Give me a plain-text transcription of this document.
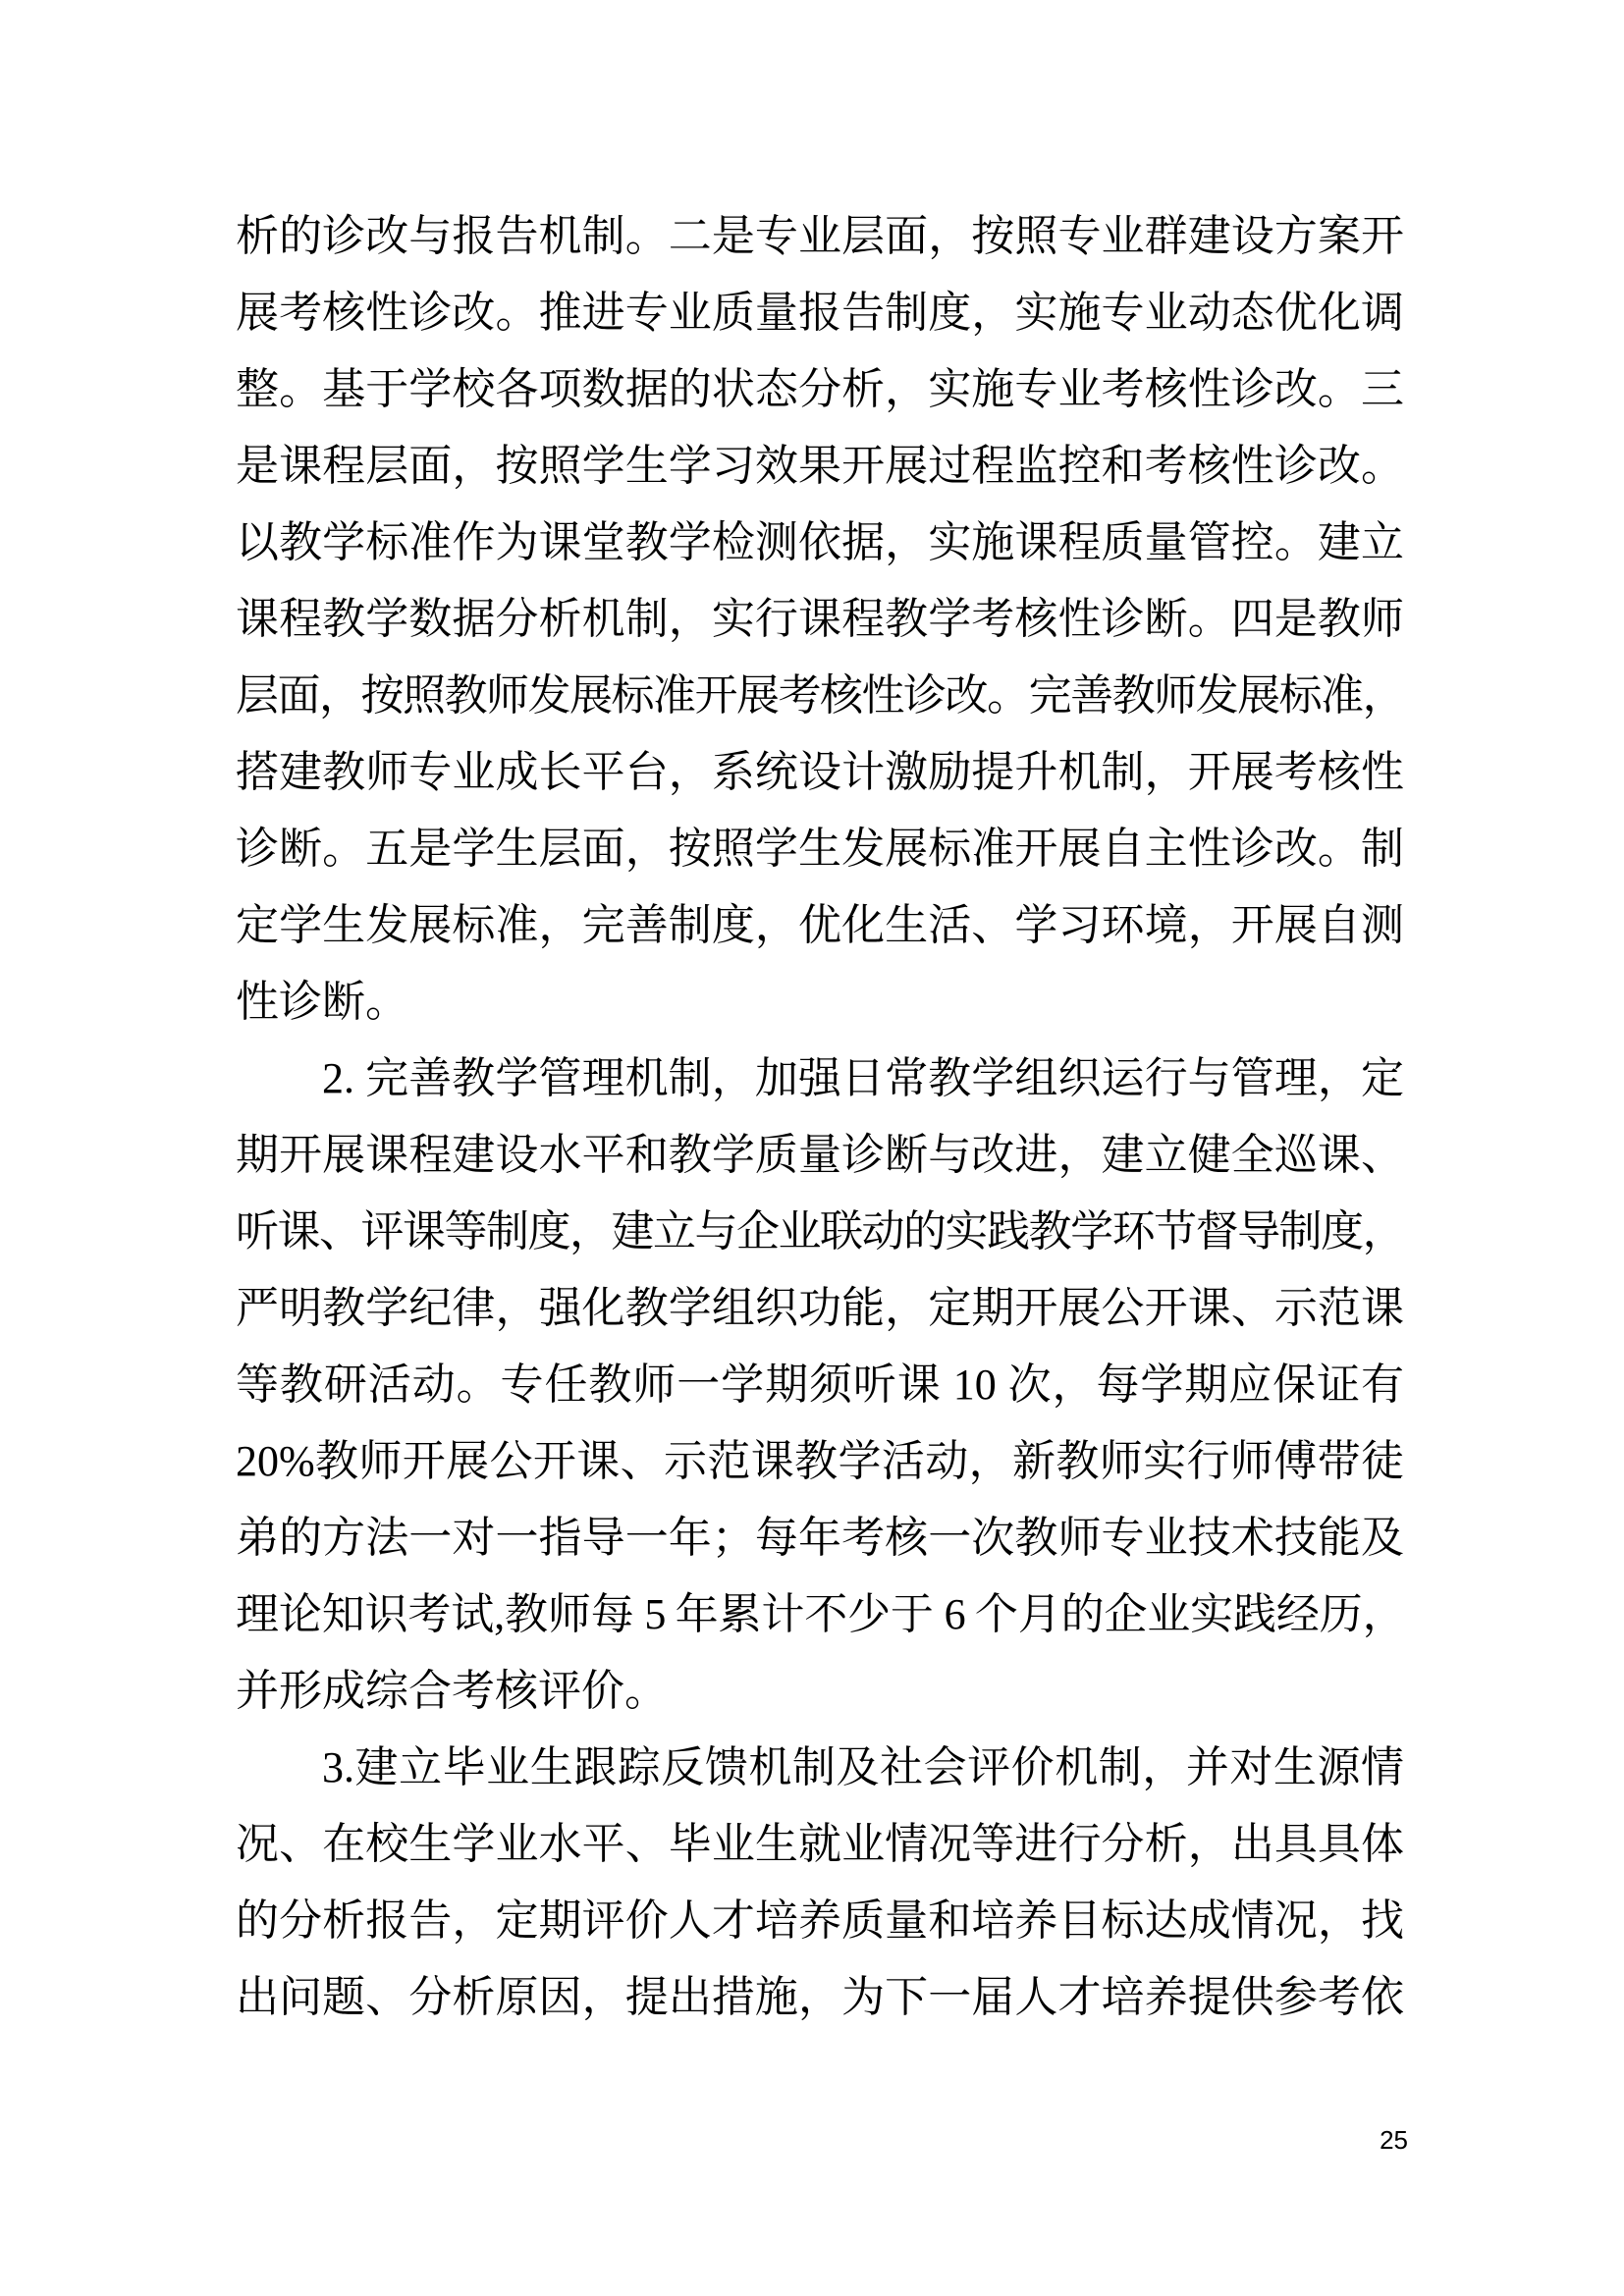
析的诊改与报告机制。二是专业层面，按照专业群建设方案开
展考核性诊改。推进专业质量报告制度，实施专业动态优化调
整。基于学校各项数据的状态分析，实施专业考核性诊改。三
是课程层面，按照学生学习效果开展过程监控和考核性诊改。
以教学标准作为课堂教学检测依据，实施课程质量管控。建立
课程教学数据分析机制，实行课程教学考核性诊断。四是教师
层面，按照教师发展标准开展考核性诊改。完善教师发展标准，
搭建教师专业成长平台，系统设计激励提升机制，开展考核性
诊断。五是学生层面，按照学生发展标准开展自主性诊改。制
定学生发展标准，完善制度，优化生活、学习环境，开展自测
性诊断。
2. 完善教学管理机制，加强日常教学组织运行与管理，定
期开展课程建设水平和教学质量诊断与改进，建立健全巡课、
听课、评课等制度，建立与企业联动的实践教学环节督导制度，
严明教学纪律，强化教学组织功能，定期开展公开课、示范课
等教研活动。专任教师一学期须听课 10 次，每学期应保证有
20%教师开展公开课、示范课教学活动，新教师实行师傅带徒
弟的方法一对一指导一年；每年考核一次教师专业技术技能及
理论知识考试,教师每 5 年累计不少于 6 个月的企业实践经历，
并形成综合考核评价。
3.建立毕业生跟踪反馈机制及社会评价机制，并对生源情
况、在校生学业水平、毕业生就业情况等进行分析，出具具体
的分析报告，定期评价人才培养质量和培养目标达成情况，找
出问题、分析原因，提出措施，为下一届人才培养提供参考依
25
